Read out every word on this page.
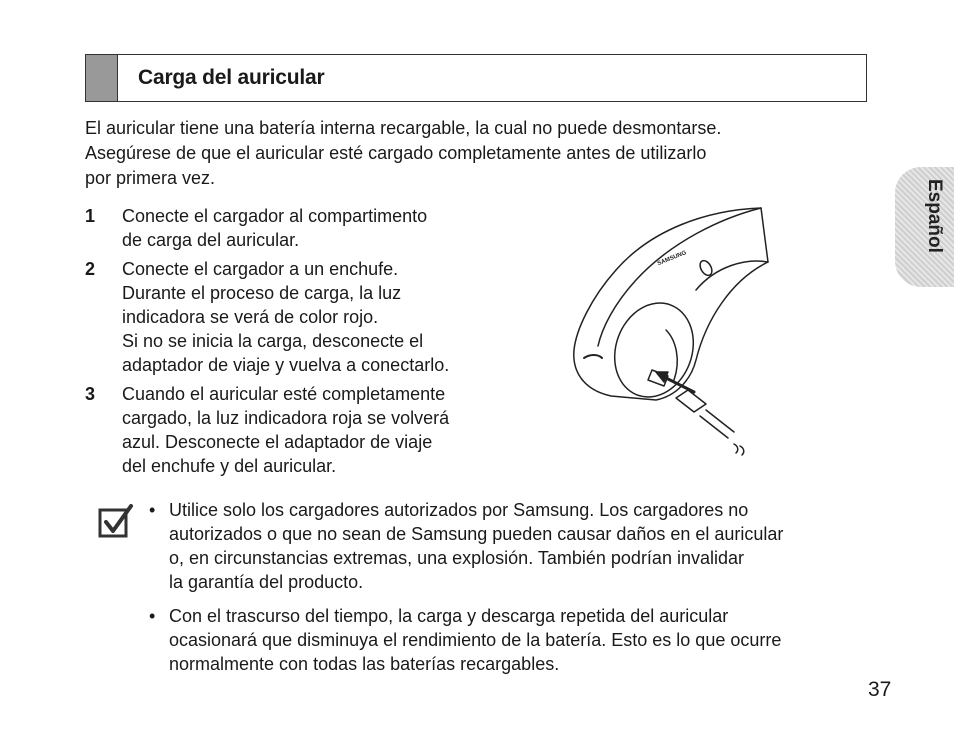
Carga del auricular

El auricular tiene una batería interna recargable, la cual no puede desmontarse.
Asegúrese de que el auricular esté cargado completamente antes de utilizarlo
por primera vez.

1 Conecte el cargador al compartimento
de carga del auricular.
2 Conecte el cargador a un enchufe.
Durante el proceso de carga, la luz
indicadora se verá de color rojo.
Si no se inicia la carga, desconecte el
adaptador de viaje y vuelva a conectarlo.
3 Cuando el auricular esté completamente
cargado, la luz indicadora roja se volverá
azul. Desconecte el adaptador de viaje
del enchufe y del auricular.
Español
SAMSUNG
• Utilice solo los cargadores autorizados por Samsung. Los cargadores no
autorizados o que no sean de Samsung pueden causar daños en el auricular
o, en circunstancias extremas, una explosión. También podrían invalidar
la garantía del producto.
• Con el trascurso del tiempo, la carga y descarga repetida del auricular
ocasionará que disminuya el rendimiento de la batería. Esto es lo que ocurre
normalmente con todas las baterías recargables.
37
